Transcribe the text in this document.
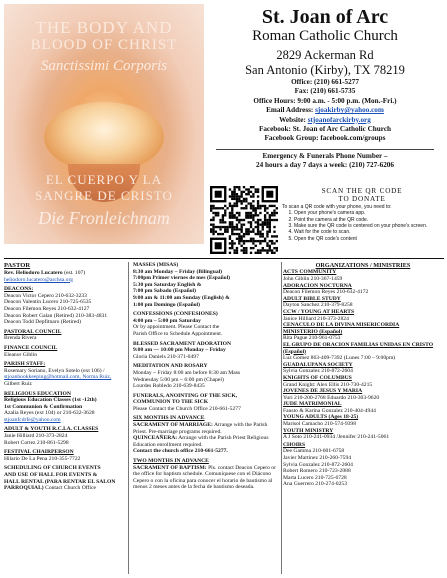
THE BODY AND
BLOOD OF CHRIST
Sanctissimi Corporis
EL CUERPO Y LA
SANGRE DE CRISTO
Die Fronleichnam
St. Joan of Arc
Roman Catholic Church
2829 Ackerman Rd
San Antonio (Kirby), TX 78219
Office: (210) 661-5277
Fax: (210) 661-5735
Office Hours: 9:00 a.m. - 5:00 p.m. (Mon.-Fri.)
Email Address: sjoakirby@yahoo.com
Website: stjoanofarckirby.org
Facebook: St. Joan of Arc Catholic Church
Facebook Group: facebook.com/groups
Emergency & Funerals Phone Number –
24 hours a day 7 days a week: (210) 727-6206
SCAN THE QR CODE
TO DONATE
To scan a QR code with your phone, you need to:
1. Open your phone's camera app.
2. Point the camera at the QR code.
3. Make sure the QR code is centered on your phone's screen.
4. Wait for the code to scan.
5. Open the QR code's content
PASTOR
Rev. Heliodoro Lucatero (est. 107)
heliodoro.lucatero@archsa.org
DEACONS:
Deacon Victor Cepero 210-632-3233
Deacon Valentin Lucero 210-725-6535
Deacon Filemon Reyes 210-632-4127
Deacon Robert Galan (Retired) 210-383-4831
Deacon Todd Depfitnaro (Retired)
PASTORAL COUNCIL
Brenda Rivera
FINANCE COUNCIL
Eleanor Giblin
PARISH STAFF:
Rosemary Soriano, Evelyn Sotelo (ext 106) /
stjoanbookkeeping@hotmail.com, Norma Ruiz,
Gilbert Ruiz
RELIGIOUS EDUCATION
Religious Education Classes (1st -12th)
1st Communion & Confirmation
Azalia Reyes (ext 104) or 210-632-3628
stjoanfcdrfe@yahoo.com
ADULT & YOUTH R.C.I.A. CLASSES
Janie Hilliard 210-373-2824
Robert Cortez 210-861-5298
FESTIVAL CHAIRPERSON
Hilario De La Pena 210-355-7722
SCHEDULING OF CHURCH EVENTS
AND USE OF HALL FOR EVENTS &
HALL RENTAL (PARA RENTAR EL SALON
PARROQUIAL) Contact Church Office
MASSES (MISAS)
8:30 am Monday – Friday (Bilingual)
7:00pm Primer viernes de mes (Español)
5:30 pm Saturday English &
7:00 pm Sabado (Español)
9:00 am & 11:00 am Sunday (English) &
1:00 pm Domingo (Español)
CONFESSIONS (CONFESIONES)
4:00 pm – 5:00 pm Saturday
Or by appointment. Please Contact the
Parish Office to Schedule Appointment.
BLESSED SACRAMENT ADORATION
9:00 am — 10:00 pm Monday – Friday
Gloria Daniels 210-371-0497
MEDITATION AND ROSARY
Monday ~ Friday 8:00 am before 8:30 am Mass
Wednesday 5:00 pm ~ 6:00 pm (Chapel)
Lourdes Robledo 210-639-8435
FUNERALS, ANOINTING OF THE SICK,
COMMUNION TO THE SICK
Please Contact the Church Office 210-661-5277
SIX MONTHS IN ADVANCE
SACRAMENT OF MARRIAGE: Arrange with the Parish Priest. Pre-marriage programs required.
QUINCEAÑERA: Arrange with the Parish Priest Religious Education enrollment required.
Contact the church office 210-661-5277.
TWO MONTHS IN ADVANCE
SACRAMENT OF BAPTISM: Pls. contact Deacon Cepero or the office for baptism schedule. Comuníquese con el Diácono Cepero o con la oficina para conocer el horario de bautismo al menos 2 meses antes de la fecha de bautismo deseada.
ORGANIZATIONS / MINISTRIES
ACTS COMMUNITY
John Giblin 210-367-1459
ADORACION NOCTURNA
Deacon Filemon Reyes 210-632-4172
ADULT BIBLE STUDY
Dayton Sanchez 210-379-8258
CCW / YOUNG AT HEARTS
Janice Hilliard 210-373-2824
CENACULO DE LA DIVINA MISERICORDIA
MINISTERIO (Español)
Rita Pague 210-961-0753
EL GRUPO DE ORACION FAMILIAS UNIDAS EN CRISTO (Español)
Luz Gomez 863-409-7392 (Lunes 7:00 – 9:00pm)
GUADALUPANA SOCIETY
Sylvia Gonzalez 210-872-2604
KNIGHTS OF COLUMBUS
Grand Knight: Alex Ellis 210-730-4215
JOVENES DE JESUS Y MARIA
Yuri 210-200-2768 Eduardo 210-303-9620
JUDE MATRIMONIAL
Fausto & Karina Gonzalez 210-404-4944
YOUNG ADULTS (Ages 18-25)
Marisol Camacho 210-574-9398
YOUTH MINISTRY
A J Soto 210-241-0934 /Jennifer 210-241-5061
CHOIRS
Dee Gamma 210-601-6758
Javier Martinez 210-260-7594
Sylvia Gonzalez 210-872-2604
Robert Romero 210-723-2088
Marta Lucero 210-725-6728
Ana Guerrero 210-274-0253
